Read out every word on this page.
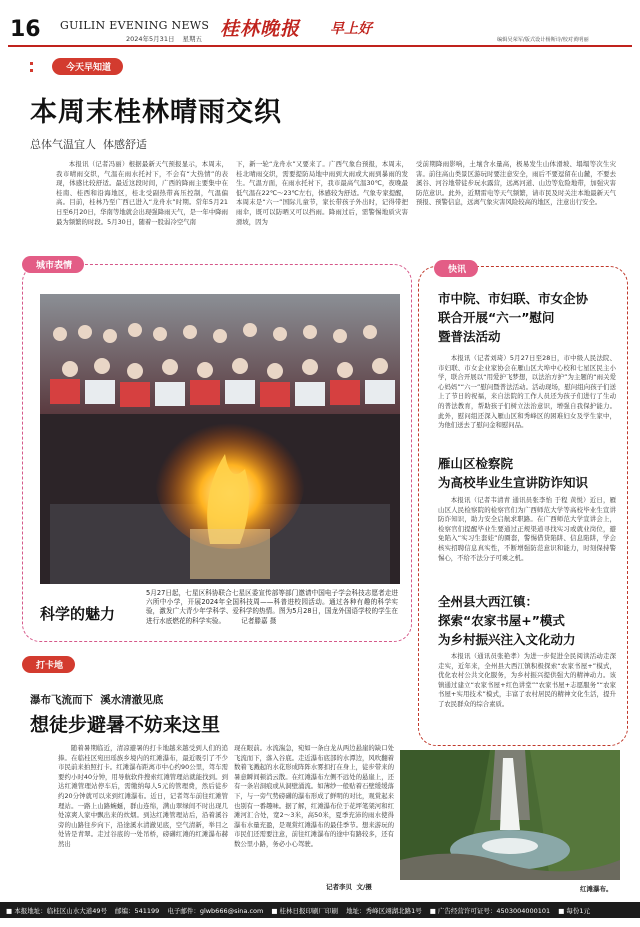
16 GUILIN EVENING NEWS
2024年5月31日 星期五 桂林晚报 早上好
编辑吴荣军/版式设计杨斯诗/校对黄明丽
今天早知道
本周末桂林晴雨交织
总体气温宜人  体感舒适

本报讯（记者冯丽）根据最新天气预报显示，本周末，我市晴雨交织，气温在雨水托衬下，不会有“大热情”的表现，体感比较舒适。最近这段时间，广西的降雨主要集中在桂南、桂西和沿海地区，桂北受副热带高压控制，气温偏高。目前，桂林乃至广西已进入“龙舟水”时期。常年5月21日至6月20日，华南等地就会出现强降雨天气，是一年中降雨最为频繁的时段。5月30日，随着一股弱冷空气南

下，新一轮“龙舟水”又要来了。广西气象台预报，本周末，桂北晴雨交织，需要提防局地中雨到大雨或大雨到暴雨的发生。气温方面，在雨水托衬下，我市最高气温30℃，夜晚最低气温在22℃～23℃左右，体感较为舒适。气象专家提醒，本周末是“六一”国际儿童节，家长带孩子外出时，记得带把雨伞，既可以防晒又可以挡雨。降雨过后，需警惕地质灾害滑坡，因为

受前期降雨影响，土壤含水量高，极易发生山体滑坡、塌塌等次生灾害。前往高山类景区游玩时要注意安全，雨后不要逗留在山麓，不要去溪谷、河谷地带徒步玩水露营，远离河道、山边等危险地带，加强灾害防范意识。此外，近期雷电等天气频繁，请市民及时关注本地最新天气预报、预警信息，远离气象灾害风险较高的地区，注意出行安全。

城市表情
科学的魅力
5月27日起，七星区科协联合七星区委宣传部等部门邀请中国电子学会科技志愿者走进六所中小学，开展2024年全国科技周——科普进校园活动。通过各种有趣的科学实验，激发广大青少年学科学、爱科学的热情。图为5月28日，国龙外国语学校的学生在进行水底燃花的科学实验。 记者滕嘉 摄
快讯
市中院、市妇联、市女企协
联合开展“六一”慰问
暨普法活动

本报讯（记者刘琦）5月27日至28日，市中级人民法院、市妇联、市女企业家协会在雁山区大埠中心校和七星区民主小学，联合开展以“用爱护飞梦想，以法治方护”为主题的“雨关爱心妈妈”“六一”慰问暨普法活动。活动现场，慰问组向孩子们送上了节日的祝福，来自法院的工作人员还为孩子们进行了生动的普法教育，帮助孩子们树立法治意识，增强自我保护能力。此外，慰问组还深入雁山区和秀峰区的困难妇女及学生家中，为他们送去了慰问金和慰问品。

雁山区检察院
为高校毕业生宣讲防诈知识

本报讯（记者韦清青 通讯员张李怡 于程 黄悦）近日，雁山区人民检察院的检察官们为广西师范大学等高校毕业生宣讲防诈知识，助力安全启航求职路。在广西师范大学宣讲会上，检察官们提醒毕业生要通过正规渠道寻找实习或就业岗位，避免陷入“实习生套娃”的圈套，警惕借贷陷阱、信息陷阱，学会核实招聘信息真实性，不断增强防范意识和能力，时刻保持警惕心，不给不法分子可乘之机。

全州县大西江镇：
探索“农家书屋+”模式
为乡村振兴注入文化动力

本报讯（通讯员张艳孝）为进一步促进全民阅读活动走深走实，近年来，全州县大西江镇积极探索“农家书屋+”模式，优化农村公共文化服务，为乡村振兴提供强大的精神动力。该镇通过建立“农家书屋+红色讲堂”“农家书屋+志愿服务”“农家书屋+实用技术”模式，丰富了农村居民的精神文化生活，提升了农民群众的综合素质。

打卡地
瀑布飞流而下  溪水清澈见底
想徒步避暑不妨来这里

随着暑期临近，清凉避暑的打卡地越来越受到人们的追捧。在临桂区宛田瑶族乡境内的红滩瀑布，最近吸引了不少市民前来拍照打卡。红滩瀑布距离市中心约90公里，驾车需要约小时40分钟，用导航软件搜索红滩管理站就能找到。到达红滩管理站停车后，需缴纳每人5元的管理费，然后徒步约20分钟就可以来到红滩瀑布。近日，记者驾车前往红滩管理站。一路上山路蜿蜒，群山连绵，满山翠绿间不时出现几处凉爽人家中飘出来的炊烟。到达红滩管理站后，沿着溪谷旁的山路往步向下，沿途溪水清澈见底，空气清新，举目之处皆是青翠。走过谷底的一处吊桥，磅礴红滩的红滩瀑布赫然出

现在眼前。水流湍急，宛如一条白龙从两边悬崖的缺口处飞流而下，落入谷底。走近瀑布底部的水潭边，风吹翻着数着飞溅起的水花形成阵阵水雾扣打在身上，徒步带来的暑意瞬间顿消云散。在红滩瀑布左侧不远处的悬崖上，还有一条岩洞痕或从洞壁涌流。如薄纱一般贴着石壁缓缓落下，与一旁气势磅礴的瀑布形成了鲜明的对比，观赏起来也别有一番趣味。据了解，红滩瀑布位于花坪笔架河和红滩河汇合处，宽2～3米，高50米，夏季充沛的雨水使得瀑布水量充盈，是观赏红滩瀑布的最佳季节。想来游玩的市民们还需要注意，前往红滩瀑布的途中有路较多，还有数公里小路，务必小心驾驶。

记者李贝  文/摄	红滩瀑布。
■ 本报地址：临桂区山水大道49号 邮编：541199 电子邮件：glwb666@sina.com ■ 桂林日报印刷厂印刷 地址：秀峰区翊湖北路1号 ■ 广告经营许可证号：4503004000101 ■ 每份1元
